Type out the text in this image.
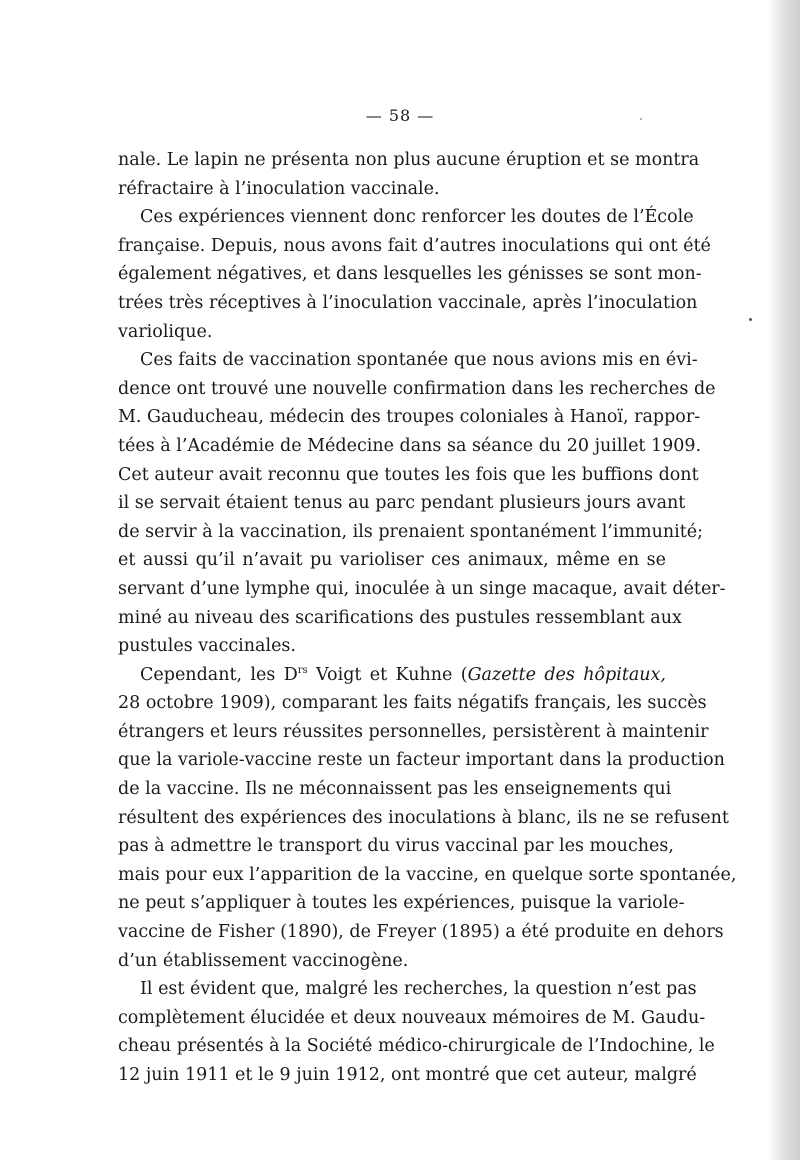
— 58 —
nale. Le lapin ne présenta non plus aucune éruption et se montra
réfractaire à l’inoculation vaccinale.
Ces expériences viennent donc renforcer les doutes de l’École
française. Depuis, nous avons fait d’autres inoculations qui ont été
également négatives, et dans lesquelles les génisses se sont mon-
trées très réceptives à l’inoculation vaccinale, après l’inoculation
variolique.
Ces faits de vaccination spontanée que nous avions mis en évi-
dence ont trouvé une nouvelle confirmation dans les recherches de
M. Gauducheau, médecin des troupes coloniales à Hanoï, rappor-
tées à l’Académie de Médecine dans sa séance du 20 juillet 1909.
Cet auteur avait reconnu que toutes les fois que les buffions dont
il se servait étaient tenus au parc pendant plusieurs jours avant
de servir à la vaccination, ils prenaient spontanément l’immunité;
et aussi qu’il n’avait pu varioliser ces animaux, même en se
servant d’une lymphe qui, inoculée à un singe macaque, avait déter-
miné au niveau des scarifications des pustules ressemblant aux
pustules vaccinales.
Cependant, les $D^{rs}$ Voigt et Kuhne (Gazette des hôpitaux,
28 octobre 1909), comparant les faits négatifs français, les succès
étrangers et leurs réussites personnelles, persistèrent à maintenir
que la variole-vaccine reste un facteur important dans la production
de la vaccine. Ils ne méconnaissent pas les enseignements qui
résultent des expériences des inoculations à blanc, ils ne se refusent
pas à admettre le transport du virus vaccinal par les mouches,
mais pour eux l’apparition de la vaccine, en quelque sorte spontanée,
ne peut s’appliquer à toutes les expériences, puisque la variole-
vaccine de Fisher (1890), de Freyer (1895) a été produite en dehors
d’un établissement vaccinogène.
Il est évident que, malgré les recherches, la question n’est pas
complètement élucidée et deux nouveaux mémoires de M. Gaudu-
cheau présentés à la Société médico-chirurgicale de l’Indochine, le
12 juin 1911 et le 9 juin 1912, ont montré que cet auteur, malgré
